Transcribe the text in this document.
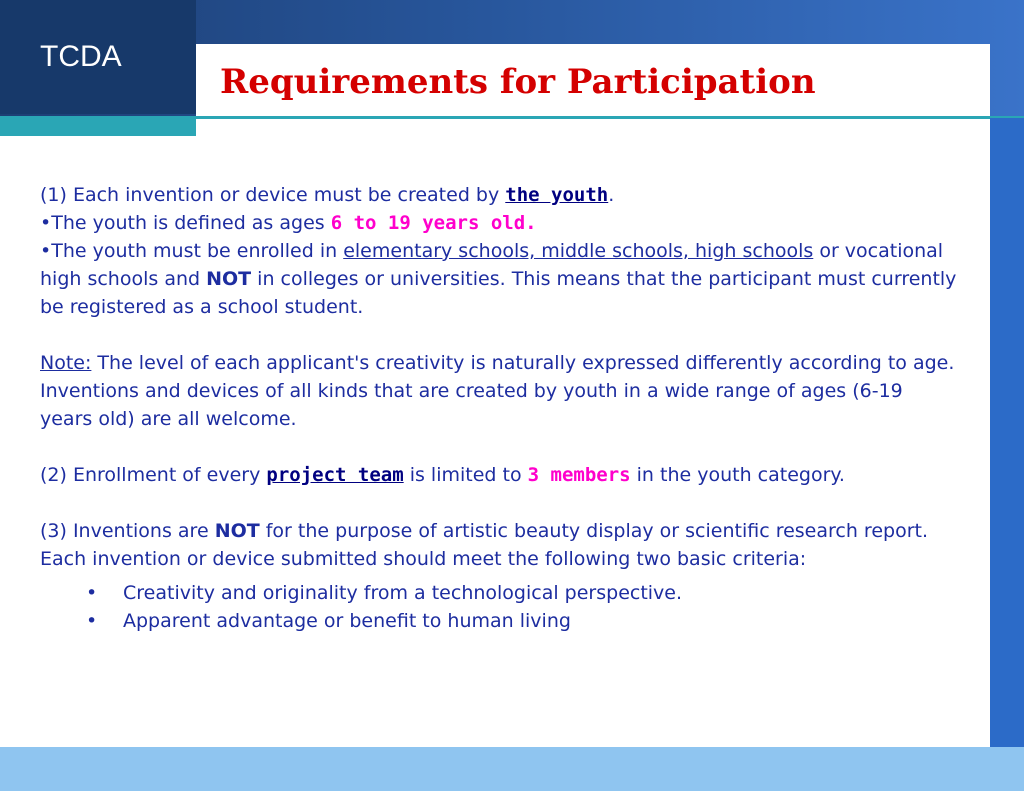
TCDA
Requirements for Participation

(1) Each invention or device must be created by the youth.

•The youth is defined as ages 6 to 19 years old.

•The youth must be enrolled in elementary schools, middle schools, high schools or vocational high schools and NOT in colleges or universities. This means that the participant must currently be registered as a school student.

Note: The level of each applicant's creativity is naturally expressed differently according to age. Inventions and devices of all kinds that are created by youth in a wide range of ages (6-19 years old) are all welcome.

(2) Enrollment of every project team is limited to 3 members in the youth category.

(3) Inventions are NOT for the purpose of artistic beauty display or scientific research report. Each invention or device submitted should meet the following two basic criteria:

• Creativity and originality from a technological perspective.
• Apparent advantage or benefit to human living
